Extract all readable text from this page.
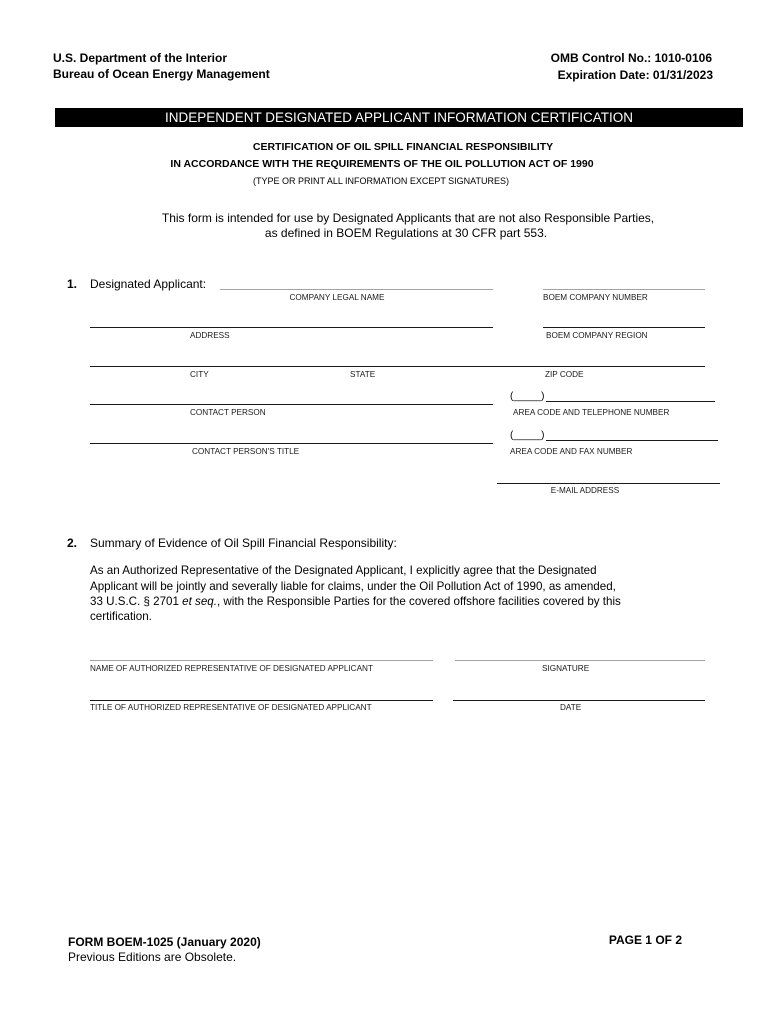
U.S. Department of the Interior
Bureau of Ocean Energy Management
OMB Control No.: 1010-0106
Expiration Date: 01/31/2023
INDEPENDENT DESIGNATED APPLICANT INFORMATION CERTIFICATION
CERTIFICATION OF OIL SPILL FINANCIAL RESPONSIBILITY
IN ACCORDANCE WITH THE REQUIREMENTS OF THE OIL POLLUTION ACT OF 1990
(TYPE OR PRINT ALL INFORMATION EXCEPT SIGNATURES)
This form is intended for use by Designated Applicants that are not also Responsible Parties,
as defined in BOEM Regulations at 30 CFR part 553.
1. Designated Applicant:
COMPANY LEGAL NAME	BOEM COMPANY NUMBER
ADDRESS	BOEM COMPANY REGION
CITY	STATE	ZIP CODE
(_____)
CONTACT PERSON	AREA CODE AND TELEPHONE NUMBER
(_____)
CONTACT PERSON'S TITLE	AREA CODE AND FAX NUMBER
E-MAIL ADDRESS
2. Summary of Evidence of Oil Spill Financial Responsibility:
As an Authorized Representative of the Designated Applicant, I explicitly agree that the Designated
Applicant will be jointly and severally liable for claims, under the Oil Pollution Act of 1990, as amended,
33 U.S.C. § 2701 et seq., with the Responsible Parties for the covered offshore facilities covered by this
certification.
NAME OF AUTHORIZED REPRESENTATIVE OF DESIGNATED APPLICANT	SIGNATURE
TITLE OF AUTHORIZED REPRESENTATIVE OF DESIGNATED APPLICANT	DATE
FORM BOEM-1025 (January 2020)
Previous Editions are Obsolete.
PAGE 1 OF 2
